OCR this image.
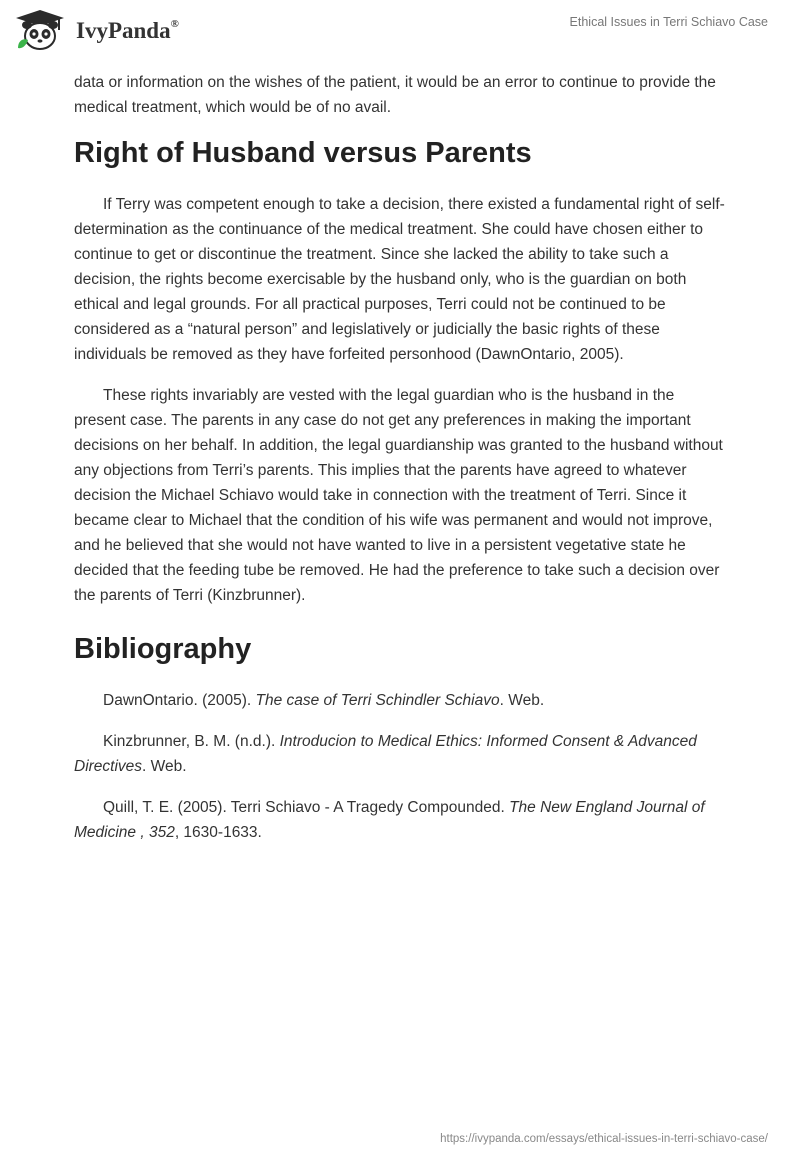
IvyPanda®	Ethical Issues in Terri Schiavo Case

data or information on the wishes of the patient, it would be an error to continue to provide the medical treatment, which would be of no avail.

Right of Husband versus Parents

If Terry was competent enough to take a decision, there existed a fundamental right of self-determination as the continuance of the medical treatment. She could have chosen either to continue to get or discontinue the treatment. Since she lacked the ability to take such a decision, the rights become exercisable by the husband only, who is the guardian on both ethical and legal grounds. For all practical purposes, Terri could not be continued to be considered as a “natural person” and legislatively or judicially the basic rights of these individuals be removed as they have forfeited personhood (DawnOntario, 2005).

These rights invariably are vested with the legal guardian who is the husband in the present case. The parents in any case do not get any preferences in making the important decisions on her behalf. In addition, the legal guardianship was granted to the husband without any objections from Terri’s parents. This implies that the parents have agreed to whatever decision the Michael Schiavo would take in connection with the treatment of Terri. Since it became clear to Michael that the condition of his wife was permanent and would not improve, and he believed that she would not have wanted to live in a persistent vegetative state he decided that the feeding tube be removed. He had the preference to take such a decision over the parents of Terri (Kinzbrunner).

Bibliography

DawnOntario. (2005). The case of Terri Schindler Schiavo. Web.

Kinzbrunner, B. M. (n.d.). Introducion to Medical Ethics: Informed Consent & Advanced Directives. Web.

Quill, T. E. (2005). Terri Schiavo - A Tragedy Compounded. The New England Journal of Medicine , 352, 1630-1633.

https://ivypanda.com/essays/ethical-issues-in-terri-schiavo-case/
